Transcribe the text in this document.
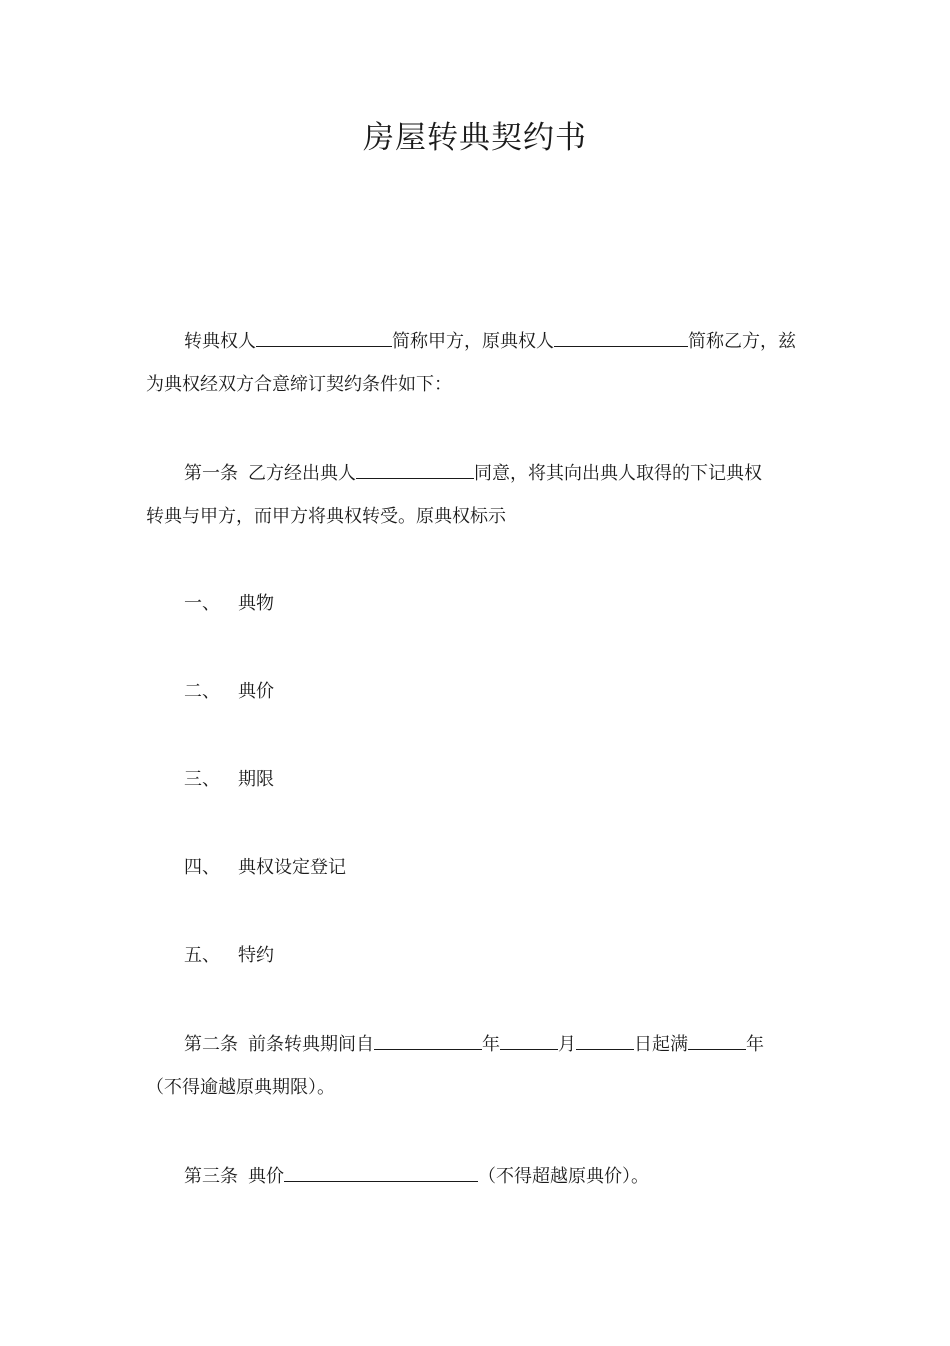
房屋转典契约书
转典权人	简称甲方，原典权人	简称乙方，兹
为典权经双方合意缔订契约条件如下：
第一条 乙方经出典人	同意，将其向出典人取得的下记典权
转典与甲方，而甲方将典权转受。原典权标示
一、 典物
二、 典价
三、 期限
四、 典权设定登记
五、 特约
第二条 前条转典期间自	年	月	日起满	年
（不得逾越原典期限）。
第三条 典价	（不得超越原典价）。
